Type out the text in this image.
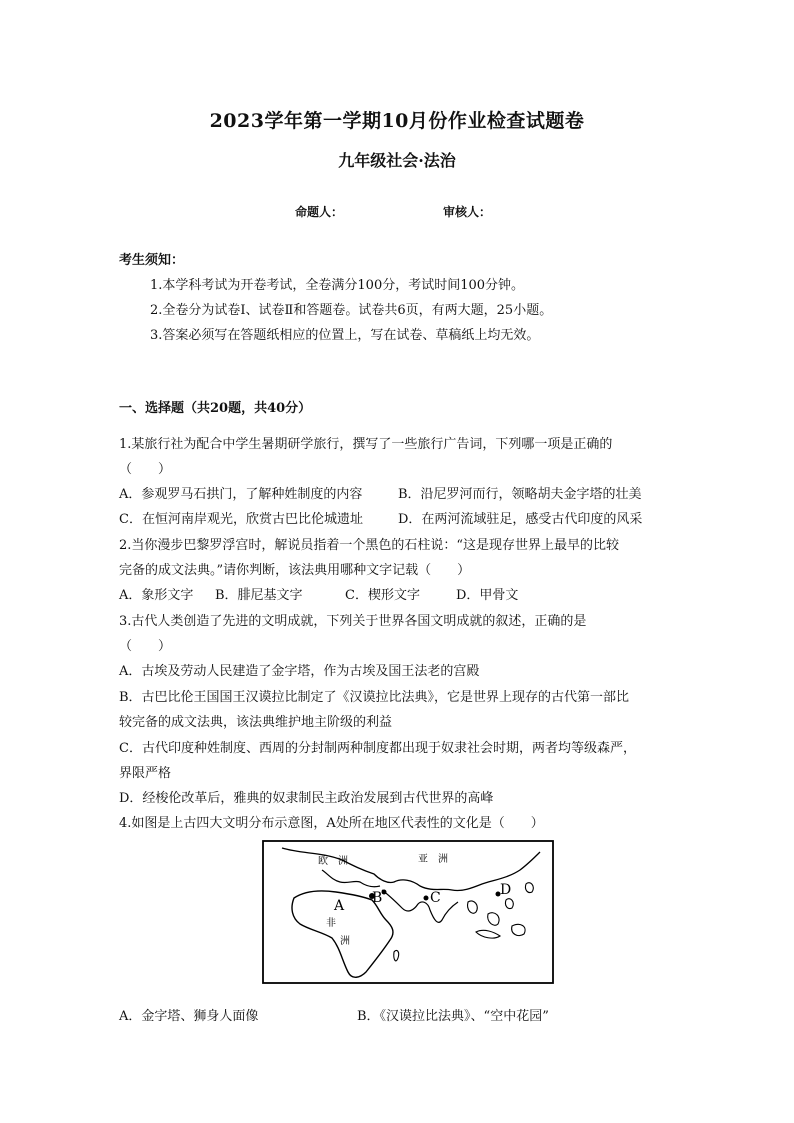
2023学年第一学期10月份作业检查试题卷
九年级社会·法治
命题人：	审核人：
考生须知：
1.本学科考试为开卷考试，全卷满分100分，考试时间100分钟。
2.全卷分为试卷Ⅰ、试卷Ⅱ和答题卷。试卷共6页，有两大题，25小题。
3.答案必须写在答题纸相应的位置上，写在试卷、草稿纸上均无效。
一、选择题（共20题，共40分）
1.某旅行社为配合中学生暑期研学旅行，撰写了一些旅行广告词，下列哪一项是正确的
（　　）
A．参观罗马石拱门，了解种姓制度的内容	B．沿尼罗河而行，领略胡夫金字塔的壮美
C．在恒河南岸观光，欣赏古巴比伦城遗址	D．在两河流域驻足，感受古代印度的风采
2.当你漫步巴黎罗浮宫时，解说员指着一个黑色的石柱说：“这是现存世界上最早的比较
完备的成文法典。”请你判断，该法典用哪种文字记载（　　）
A．象形文字 B．腓尼基文字	C．楔形文字	D．甲骨文
3.古代人类创造了先进的文明成就，下列关于世界各国文明成就的叙述，正确的是
（　　）
A．古埃及劳动人民建造了金字塔，作为古埃及国王法老的宫殿
B．古巴比伦王国国王汉谟拉比制定了《汉谟拉比法典》，它是世界上现存的古代第一部比
较完备的成文法典，该法典维护地主阶级的利益
C．古代印度种姓制度、西周的分封制两种制度都出现于奴隶社会时期，两者均等级森严，
界限严格
D．经梭伦改革后，雅典的奴隶制民主政治发展到古代世界的高峰
4.如图是上古四大文明分布示意图，A处所在地区代表性的文化是（　　）
欧　洲	亚　洲
非
洲
A B	C	D
A．金字塔、狮身人面像	B．《汉谟拉比法典》、“空中花园”
